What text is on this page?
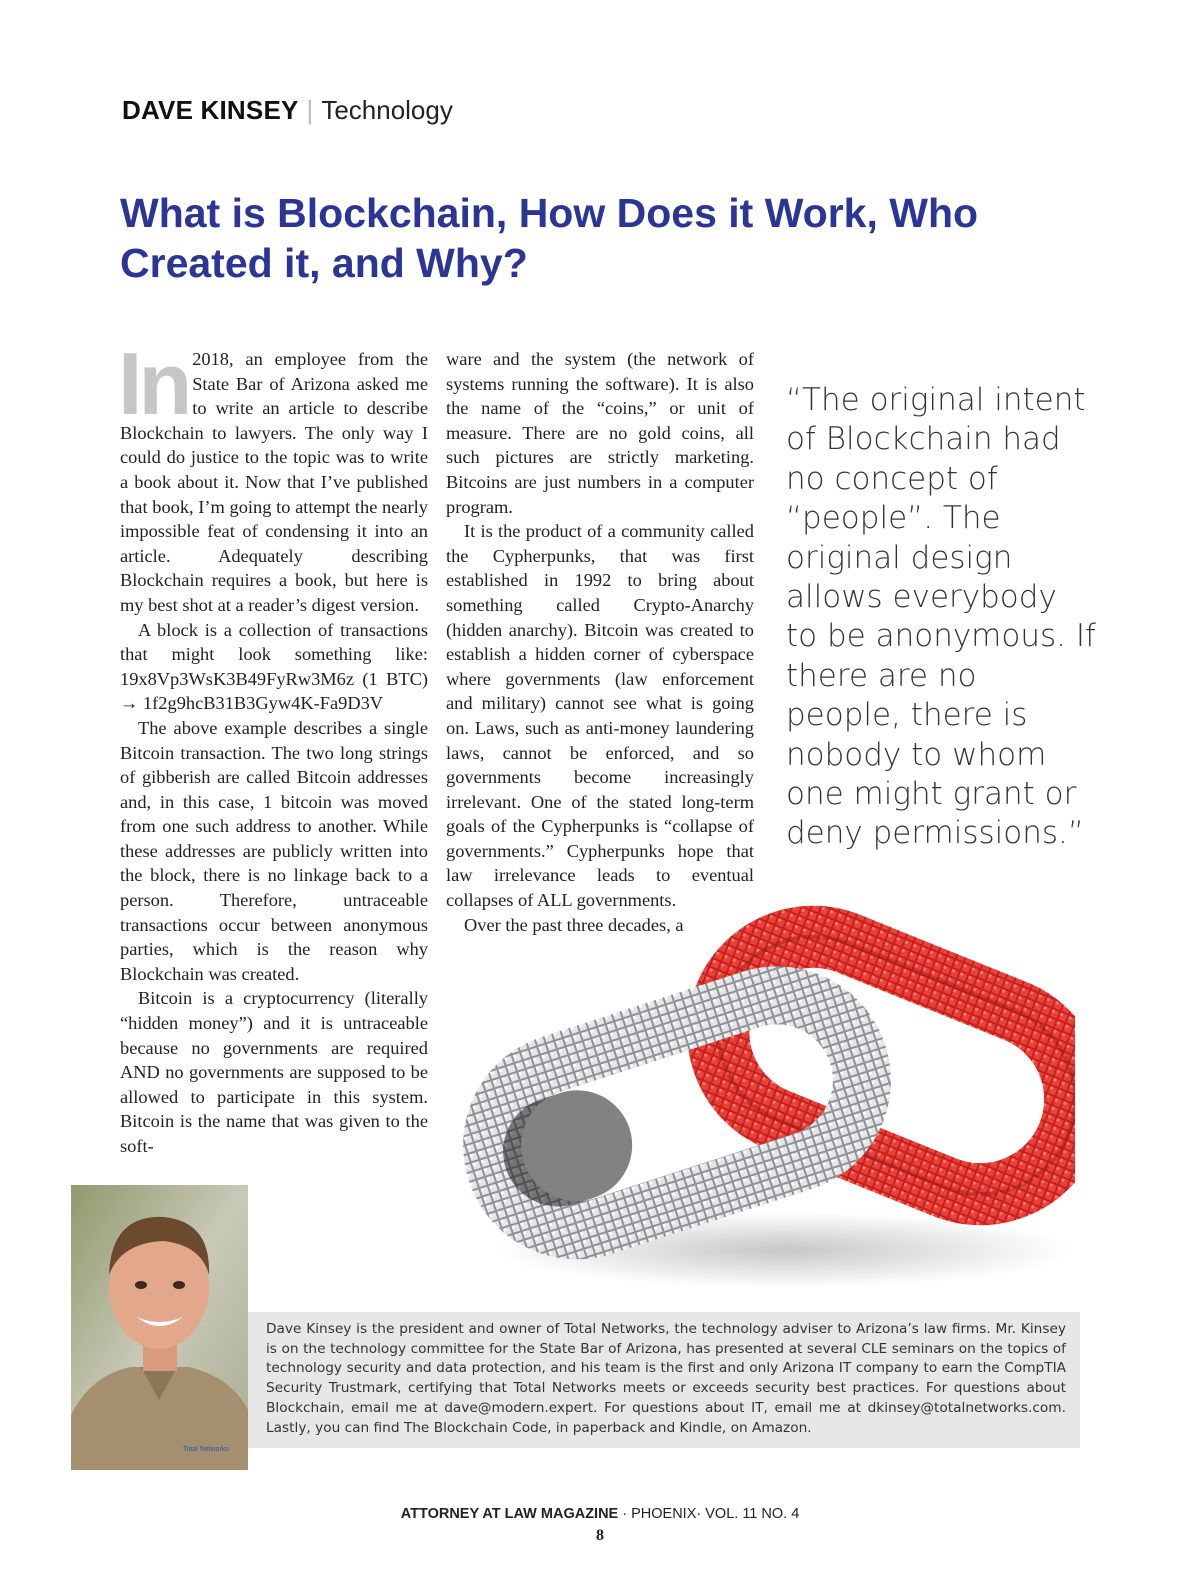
DAVE KINSEY | Technology
What is Blockchain, How Does it Work, Who Created it, and Why?

In 2018, an employee from the State Bar of Arizona asked me to write an article to describe Blockchain to lawyers. The only way I could do justice to the topic was to write a book about it. Now that I’ve published that book, I’m going to attempt the nearly impossible feat of condensing it into an article. Adequately describing Blockchain requires a book, but here is my best shot at a reader’s digest version.

A block is a collection of transactions that might look something like: 19x8Vp3WsK3B49FyRw3M6z (1 BTC) → 1f2g9hcB31B3Gyw4K-Fa9D3V

The above example describes a single Bitcoin transaction. The two long strings of gibberish are called Bitcoin addresses and, in this case, 1 bitcoin was moved from one such address to another. While these addresses are publicly written into the block, there is no linkage back to a person. Therefore, untraceable transactions occur between anonymous parties, which is the reason why Blockchain was created.

Bitcoin is a cryptocurrency (literally “hidden money”) and it is untraceable because no governments are required AND no governments are supposed to be allowed to participate in this system. Bitcoin is the name that was given to the soft-

ware and the system (the network of systems running the software). It is also the name of the “coins,” or unit of measure. There are no gold coins, all such pictures are strictly marketing. Bitcoins are just numbers in a computer program.

It is the product of a community called the Cypherpunks, that was first established in 1992 to bring about something called Crypto-Anarchy (hidden anarchy). Bitcoin was created to establish a hidden corner of cyberspace where governments (law enforcement and military) cannot see what is going on. Laws, such as anti-money laundering laws, cannot be enforced, and so governments become increasingly irrelevant. One of the stated long-term goals of the Cypherpunks is “collapse of governments.” Cypherpunks hope that law irrelevance leads to eventual collapses of ALL governments.

Over the past three decades, a

“The original intent of Blockchain had no concept of “people”. The original design allows everybody to be anonymous. If there are no people, there is nobody to whom one might grant or deny permissions.”

Total Networks
Dave Kinsey is the president and owner of Total Networks, the technology adviser to Arizona’s law firms. Mr. Kinsey is on the technology committee for the State Bar of Arizona, has presented at several CLE seminars on the topics of technology security and data protection, and his team is the first and only Arizona IT company to earn the CompTIA Security Trustmark, certifying that Total Networks meets or exceeds security best practices. For questions about Blockchain, email me at dave@modern.expert. For questions about IT, email me at dkinsey@totalnetworks.com. Lastly, you can find The Blockchain Code, in paperback and Kindle, on Amazon.
ATTORNEY AT LAW MAGAZINE · PHOENIX· VOL. 11 NO. 4
8
